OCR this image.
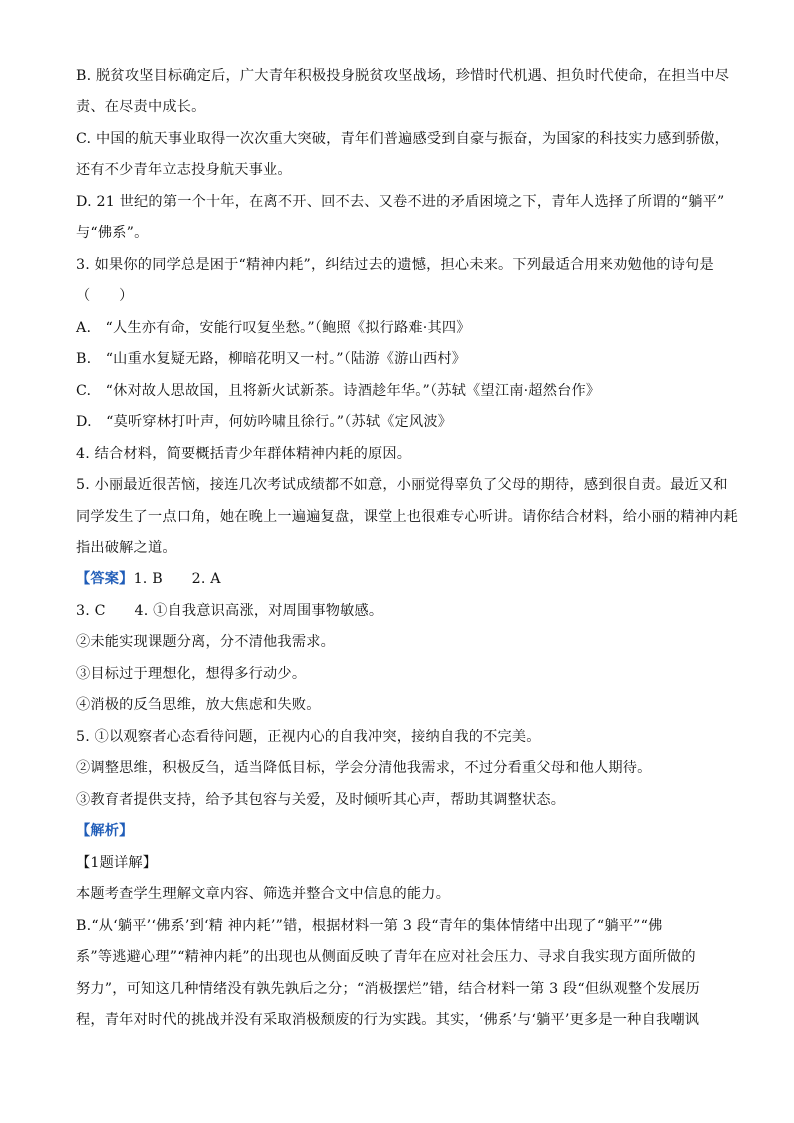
B. 脱贫攻坚目标确定后，广大青年积极投身脱贫攻坚战场，珍惜时代机遇、担负时代使命，在担当中尽
责、在尽责中成长。
C. 中国的航天事业取得一次次重大突破，青年们普遍感受到自豪与振奋，为国家的科技实力感到骄傲，
还有不少青年立志投身航天事业。
D. 21 世纪的第一个十年，在离不开、回不去、又卷不进的矛盾困境之下，青年人选择了所谓的“躺平”
与“佛系”。
3. 如果你的同学总是困于“精神内耗”，纠结过去的遗憾，担心未来。下列最适合用来劝勉他的诗句是
（　　）
A.　“人生亦有命，安能行叹复坐愁。”（鲍照《拟行路难·其四》
B.　“山重水复疑无路，柳暗花明又一村。”（陆游《游山西村》
C.　“休对故人思故国，且将新火试新茶。诗酒趁年华。”（苏轼《望江南·超然台作》
D.　“莫听穿林打叶声，何妨吟啸且徐行。”（苏轼《定风波》
4. 结合材料，简要概括青少年群体精神内耗的原因。
5. 小丽最近很苦恼，接连几次考试成绩都不如意，小丽觉得辜负了父母的期待，感到很自责。最近又和
同学发生了一点口角，她在晚上一遍遍复盘，课堂上也很难专心听讲。请你结合材料，给小丽的精神内耗
指出破解之道。
【答案】1. B　　2. A
3. C　　4. ①自我意识高涨，对周围事物敏感。
②未能实现课题分离，分不清他我需求。
③目标过于理想化，想得多行动少。
④消极的反刍思维，放大焦虑和失败。
5. ①以观察者心态看待问题，正视内心的自我冲突，接纳自我的不完美。
②调整思维，积极反刍，适当降低目标，学会分清他我需求，不过分看重父母和他人期待。
③教育者提供支持，给予其包容与关爱，及时倾听其心声，帮助其调整状态。
【解析】
【1题详解】
本题考查学生理解文章内容、筛选并整合文中信息的能力。
B.“从‘躺平’‘佛系’到‘精 神内耗’”错，根据材料一第 3 段“青年的集体情绪中出现了“躺平”“佛
系”等逃避心理”“精神内耗”的出现也从侧面反映了青年在应对社会压力、寻求自我实现方面所做的
努力”，可知这几种情绪没有孰先孰后之分；“消极摆烂”错，结合材料一第 3 段“但纵观整个发展历
程，青年对时代的挑战并没有采取消极颓废的行为实践。其实，‘佛系’与‘躺平’更多是一种自我嘲讽
